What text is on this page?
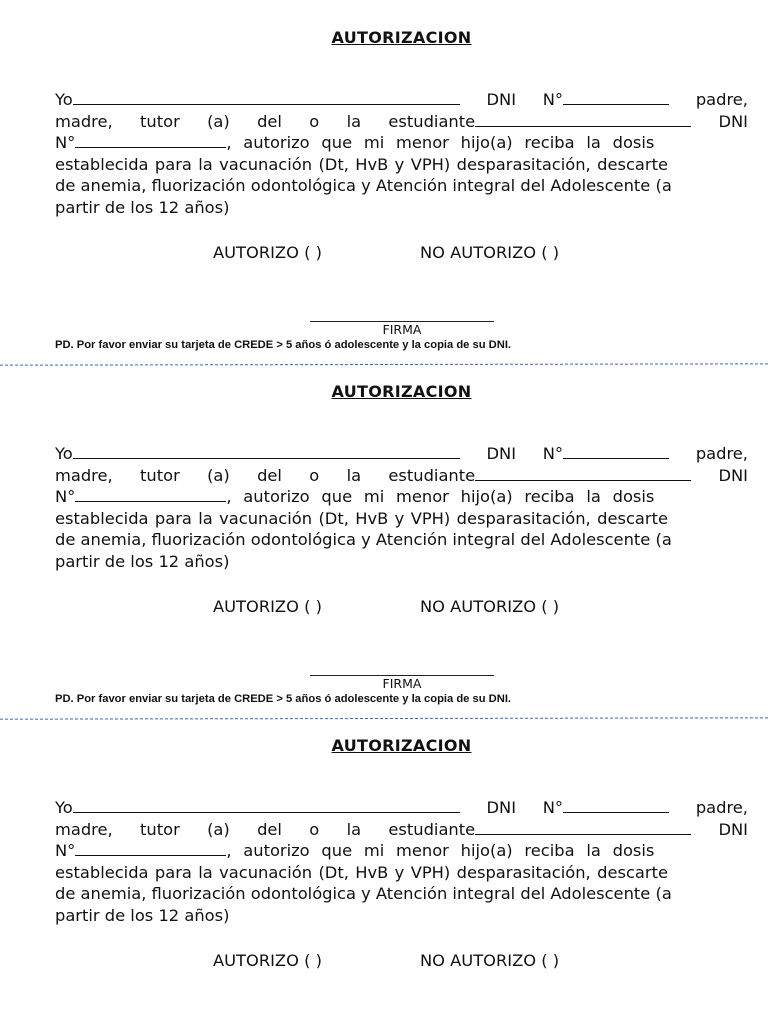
AUTORIZACION
Yo	DNI N°	padre,
madre, tutor (a) del o la estudiante	DNI
N°	, autorizo que mi menor hijo(a) reciba la dosis
establecida para la vacunación (Dt, HvB y VPH) desparasitación, descarte
de anemia, fluorización odontológica y Atención integral del Adolescente (a
partir de los 12 años)
AUTORIZO ( )	NO AUTORIZO ( )
FIRMA
PD. Por favor enviar su tarjeta de CREDE > 5 años ó adolescente y la copia de su DNI.
AUTORIZACION
Yo	DNI N°	padre,
madre, tutor (a) del o la estudiante	DNI
N°	, autorizo que mi menor hijo(a) reciba la dosis
establecida para la vacunación (Dt, HvB y VPH) desparasitación, descarte
de anemia, fluorización odontológica y Atención integral del Adolescente (a
partir de los 12 años)
AUTORIZO ( )	NO AUTORIZO ( )
FIRMA
PD. Por favor enviar su tarjeta de CREDE > 5 años ó adolescente y la copia de su DNI.
AUTORIZACION
Yo	DNI N°	padre,
madre, tutor (a) del o la estudiante	DNI
N°	, autorizo que mi menor hijo(a) reciba la dosis
establecida para la vacunación (Dt, HvB y VPH) desparasitación, descarte
de anemia, fluorización odontológica y Atención integral del Adolescente (a
partir de los 12 años)
AUTORIZO ( )	NO AUTORIZO ( )
